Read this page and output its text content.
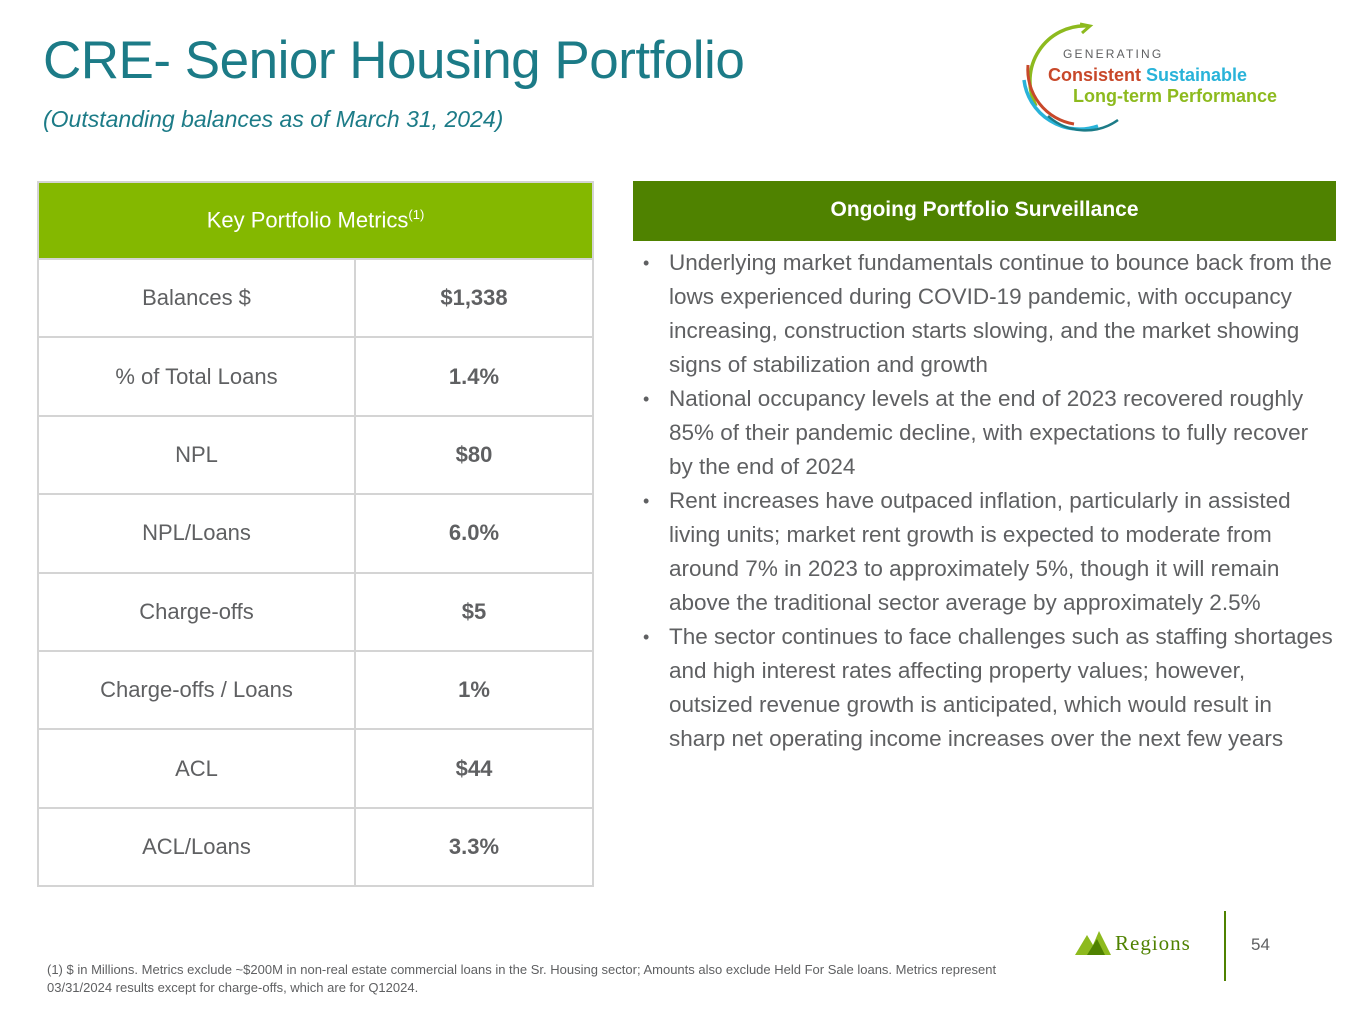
CRE- Senior Housing Portfolio
(Outstanding balances as of March 31, 2024)
GENERATING
Consistent Sustainable
Long-term Performance
Key Portfolio Metrics$^{(1)}$
Balances $	$1,338
% of Total Loans	1.4%
NPL	$80
NPL/Loans	6.0%
Charge-offs	$5
Charge-offs / Loans	1%
ACL	$44
ACL/Loans	3.3%
Ongoing Portfolio Surveillance
• Underlying market fundamentals continue to bounce back from the lows experienced during COVID-19 pandemic, with occupancy increasing, construction starts slowing, and the market showing signs of stabilization and growth
• National occupancy levels at the end of 2023 recovered roughly 85% of their pandemic decline, with expectations to fully recover by the end of 2024
• Rent increases have outpaced inflation, particularly in assisted living units; market rent growth is expected to moderate from around 7% in 2023 to approximately 5%, though it will remain above the traditional sector average by approximately 2.5%
• The sector continues to face challenges such as staffing shortages and high interest rates affecting property values; however, outsized revenue growth is anticipated, which would result in sharp net operating income increases over the next few years
(1) $ in Millions. Metrics exclude ~$200M in non-real estate commercial loans in the Sr. Housing sector; Amounts also exclude Held For Sale loans. Metrics represent 03/31/2024 results except for charge-offs, which are for Q12024.
Regions	54
